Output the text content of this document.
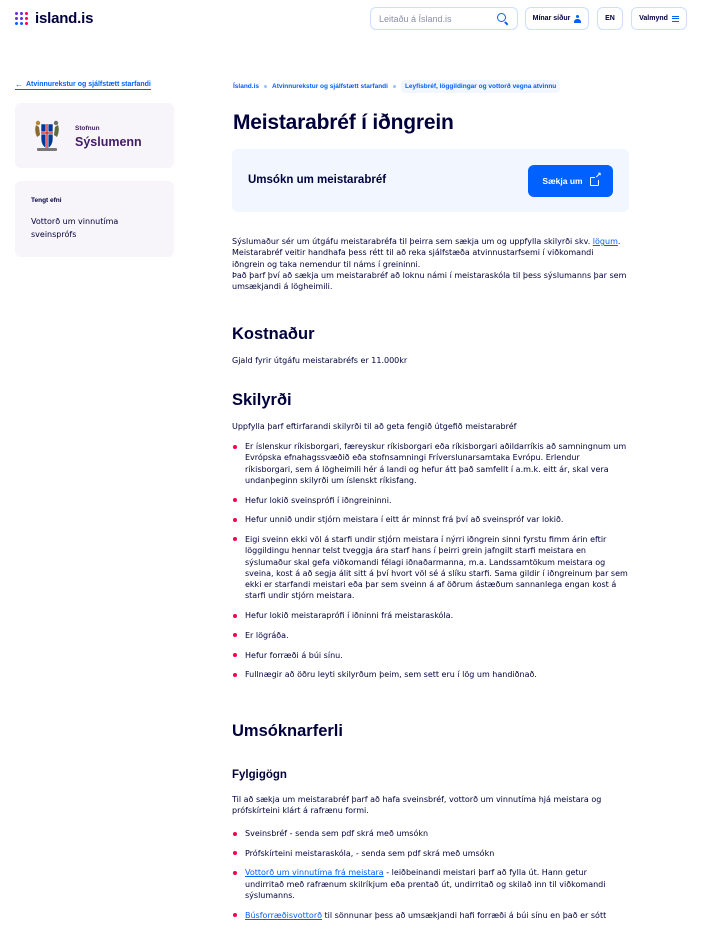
island.is	Leitaðu á Ísland.is	Mínar síður	EN	Valmynd
← Atvinnurekstur og sjálfstætt starfandi
Stofnun
Sýslumenn
Tengt efni
Vottorð um vinnutíma sveinsprófs
Ísland.is Atvinnurekstur og sjálfstætt starfandi	Leyfisbréf, löggildingar og vottorð vegna atvinnu
Meistarabréf í iðngrein
Umsókn um meistarabréf	Sækja um
↗
Sýslumaður sér um útgáfu meistarabréfa til þeirra sem sækja um og uppfylla skilyrði skv. lögum. Meistarabréf veitir handhafa þess rétt til að reka sjálfstæða atvinnustarfsemi í viðkomandi iðngrein og taka nemendur til náms í greininni.
Það þarf því að sækja um meistarabréf að loknu námi í meistaraskóla til þess sýslumanns þar sem umsækjandi á lögheimili.
Kostnaður
Gjald fyrir útgáfu meistarabréfs er 11.000kr
Skilyrði
Uppfylla þarf eftirfarandi skilyrði til að geta fengið útgefið meistarabréf
Er íslenskur ríkisborgari, færeyskur ríkisborgari eða ríkisborgari aðildarríkis að samningnum um Evrópska efnahagssvæðið eða stofnsamningi Fríverslunarsamtaka Evrópu. Erlendur ríkisborgari, sem á lögheimili hér á landi og hefur átt það samfellt í a.m.k. eitt ár, skal vera undanþeginn skilyrði um íslenskt ríkisfang.
Hefur lokið sveinsprófi í iðngreininni.
Hefur unnið undir stjórn meistara í eitt ár minnst frá því að sveinspróf var lokið.
Eigi sveinn ekki völ á starfi undir stjórn meistara í nýrri iðngrein sinni fyrstu fimm árin eftir löggildingu hennar telst tveggja ára starf hans í þeirri grein jafngilt starfi meistara en sýslumaður skal gefa viðkomandi félagi iðnaðarmanna, m.a. Landssamtökum meistara og sveina, kost á að segja álit sitt á því hvort völ sé á slíku starfi. Sama gildir í iðngreinum þar sem ekki er starfandi meistari eða þar sem sveinn á af öðrum ástæðum sannanlega engan kost á starfi undir stjórn meistara.
Hefur lokið meistaraprófi í iðninni frá meistaraskóla.
Er lögráða.
Hefur forræði á búi sínu.
Fullnægir að öðru leyti skilyrðum þeim, sem sett eru í lög um handiðnað.
Umsóknarferli
Fylgigögn
Til að sækja um meistarabréf þarf að hafa sveinsbréf, vottorð um vinnutíma hjá meistara og prófskírteini klárt á rafrænu formi.
Sveinsbréf - senda sem pdf skrá með umsókn
Prófskírteini meistaraskóla, - senda sem pdf skrá með umsókn
Vottorð um vinnutíma frá meistara - leiðbeinandi meistari þarf að fylla út. Hann getur undirritað með rafrænum skilríkjum eða prentað út, undirritað og skilað inn til viðkomandi sýslumanns.
Búsforræðisvottorð til sönnunar þess að umsækjandi hafi forræði á búi sínu en það er sótt
